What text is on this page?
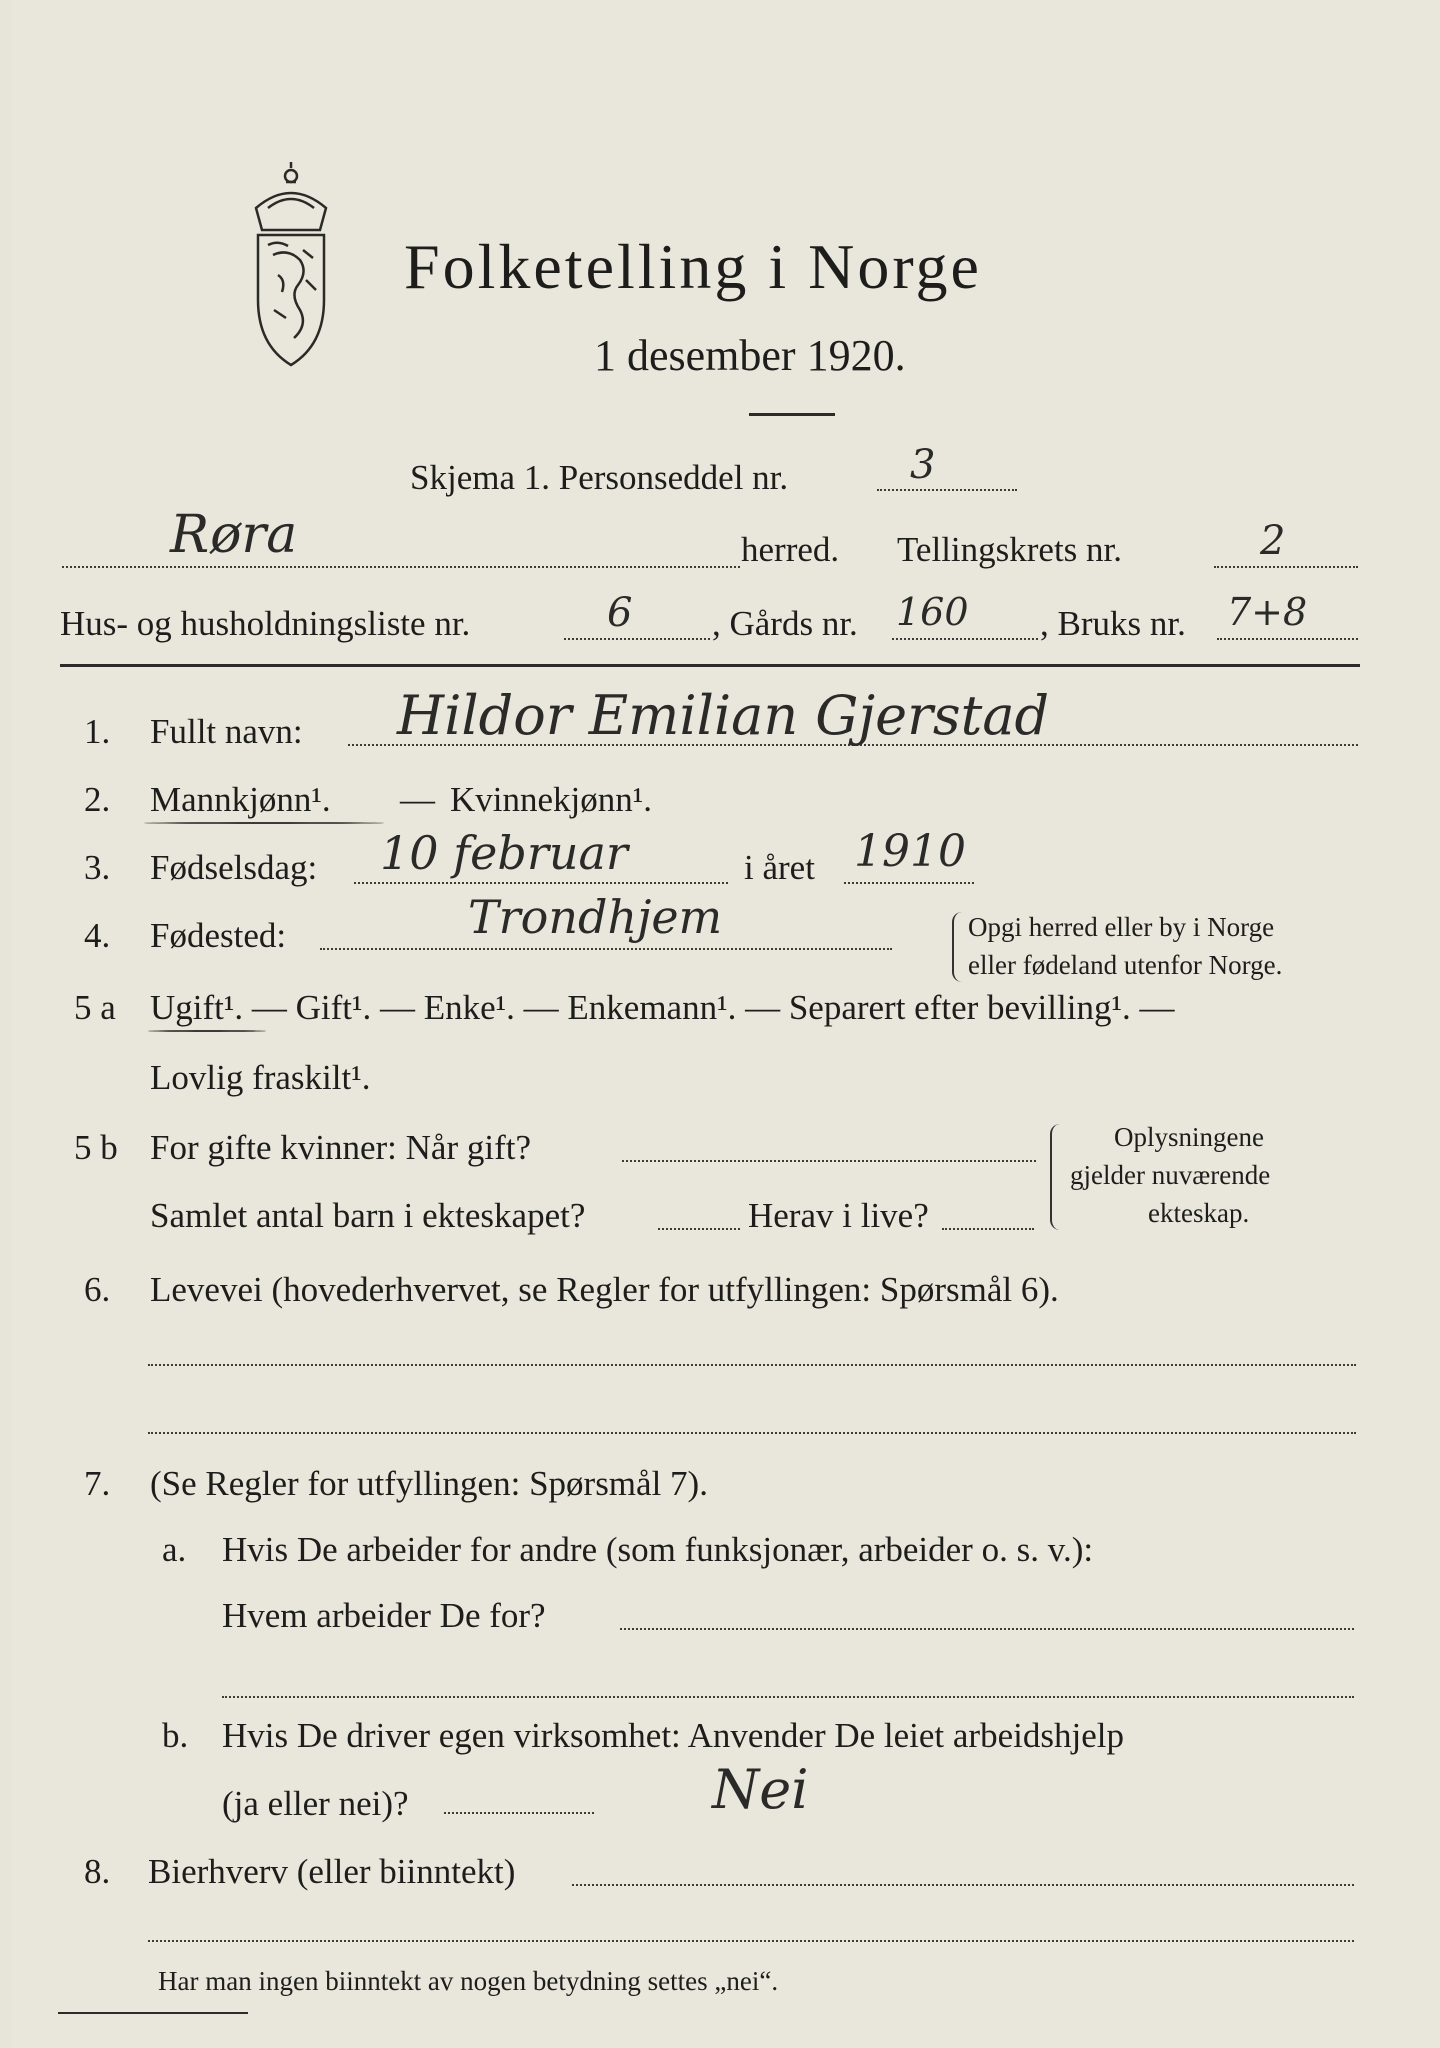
Folketelling i Norge
1 desember 1920.
Skjema 1. Personseddel nr.	3
Røra	herred. Tellingskrets nr.	2
Hus- og husholdningsliste nr.	6 , Gårds nr. 160 , Bruks nr. 7+8
1. Fullt navn: Hildor Emilian Gjerstad
2. Mannkjønn¹. — Kvinnekjønn¹.
3. Fødselsdag: 10 februar	i året 1910
4. Fødested:	Trondhjem	Opgi herred eller by i Norge
eller fødeland utenfor Norge.
5 a Ugift¹. — Gift¹. — Enke¹. — Enkemann¹. — Separert efter bevilling¹. —
Lovlig fraskilt¹.
5 b For gifte kvinner: Når gift?
Samlet antal barn i ekteskapet?	Herav i live?
Oplysningene
gjelder nuværende
ekteskap.
6. Levevei (hovederhvervet, se Regler for utfyllingen: Spørsmål 6).
7. (Se Regler for utfyllingen: Spørsmål 7).
a. Hvis De arbeider for andre (som funksjonær, arbeider o. s. v.):
Hvem arbeider De for?
b. Hvis De driver egen virksomhet: Anvender De leiet arbeidshjelp
(ja eller nei)?	Nei
8. Bierhverv (eller biinntekt)
Har man ingen biinntekt av nogen betydning settes „nei“.
